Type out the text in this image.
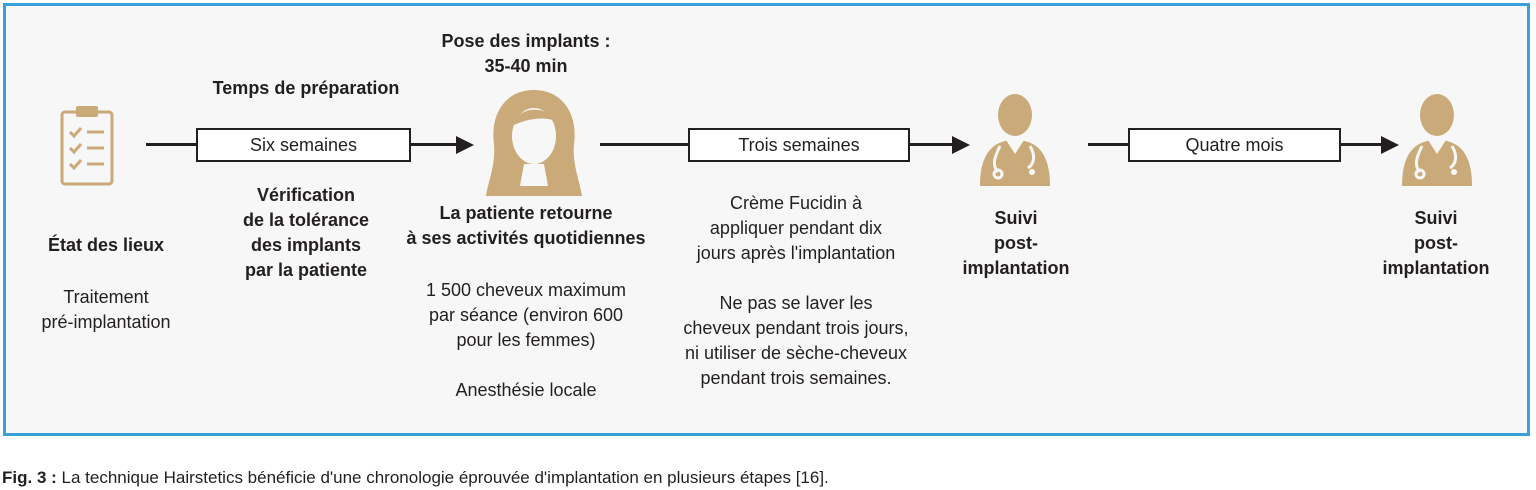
État des lieux
Traitement
pré-implantation
Temps de préparation
Six semaines
Vérification
de la tolérance
des implants
par la patiente
Pose des implants :
35-40 min
La patiente retourne
à ses activités quotidiennes
1 500 cheveux maximum
par séance (environ 600
pour les femmes)
Anesthésie locale
Trois semaines
Crème Fucidin à
appliquer pendant dix
jours après l'implantation
Ne pas se laver les
cheveux pendant trois jours,
ni utiliser de sèche-cheveux
pendant trois semaines.
Suivi
post-
implantation
Quatre mois
Suivi
post-
implantation
Fig. 3 : La technique Hairstetics bénéficie d'une chronologie éprouvée d'implantation en plusieurs étapes [16].
